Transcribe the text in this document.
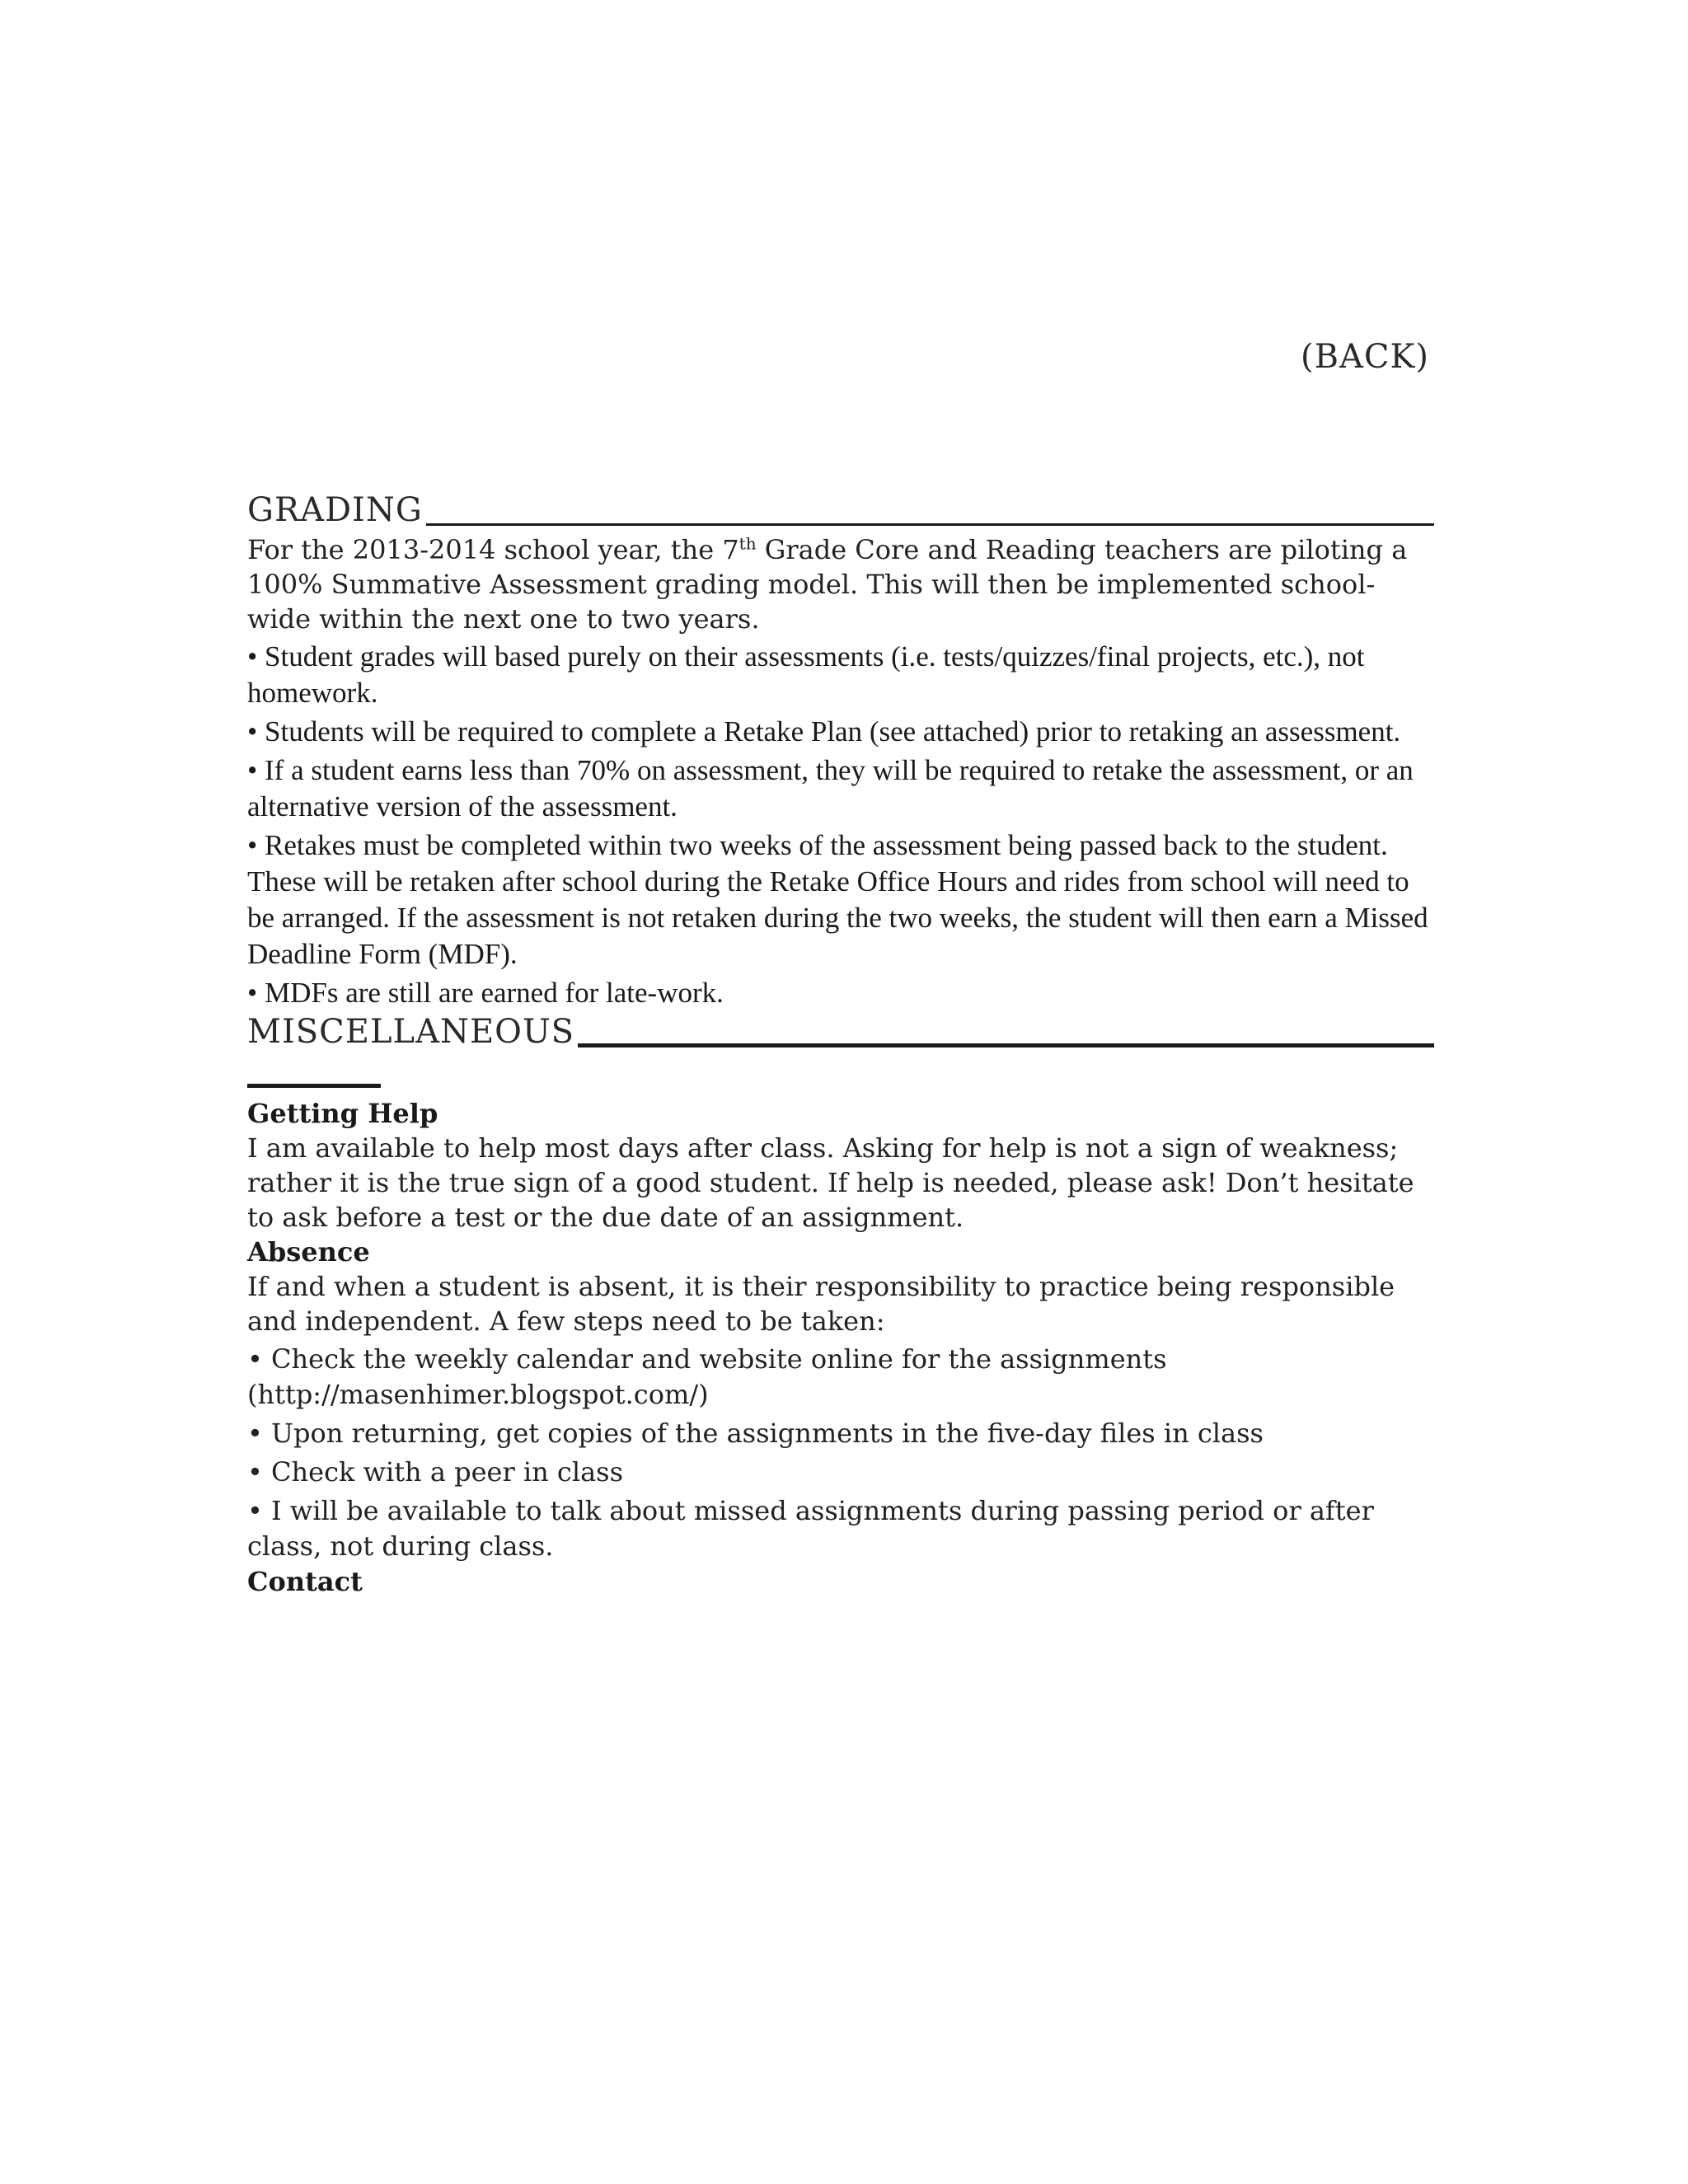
(BACK)
GRADING

For the 2013-2014 school year, the 7th Grade Core and Reading teachers are piloting a 100% Summative Assessment grading model. This will then be implemented school-wide within the next one to two years.

• Student grades will based purely on their assessments (i.e. tests/quizzes/final projects, etc.), not homework.

• Students will be required to complete a Retake Plan (see attached) prior to retaking an assessment.

• If a student earns less than 70% on assessment, they will be required to retake the assessment, or an alternative version of the assessment.

• Retakes must be completed within two weeks of the assessment being passed back to the student. These will be retaken after school during the Retake Office Hours and rides from school will need to be arranged. If the assessment is not retaken during the two weeks, the student will then earn a Missed Deadline Form (MDF).

• MDFs are still are earned for late-work.

MISCELLANEOUS
Getting Help

I am available to help most days after class. Asking for help is not a sign of weakness; rather it is the true sign of a good student. If help is needed, please ask! Don’t hesitate to ask before a test or the due date of an assignment.

Absence

If and when a student is absent, it is their responsibility to practice being responsible and independent. A few steps need to be taken:

• Check the weekly calendar and website online for the assignments (http://masenhimer.blogspot.com/)

• Upon returning, get copies of the assignments in the five-day files in class

• Check with a peer in class

• I will be available to talk about missed assignments during passing period or after class, not during class.

Contact
